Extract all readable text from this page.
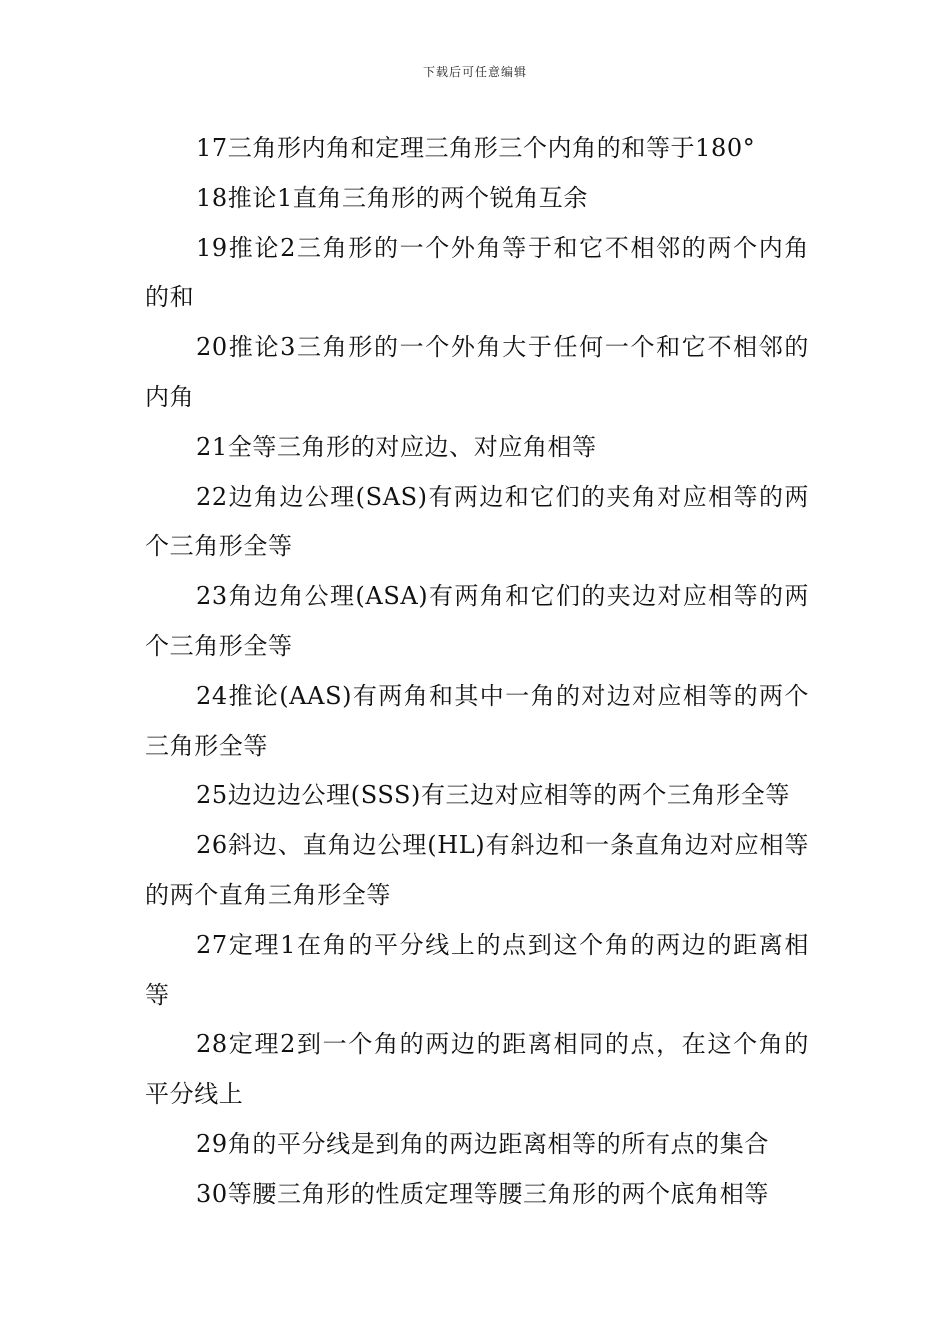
下载后可任意编辑

17三角形内角和定理三角形三个内角的和等于180°

18推论1直角三角形的两个锐角互余

19推论2三角形的一个外角等于和它不相邻的两个内角的和

20推论3三角形的一个外角大于任何一个和它不相邻的内角

21全等三角形的对应边、对应角相等

22边角边公理(SAS)有两边和它们的夹角对应相等的两个三角形全等

23角边角公理(ASA)有两角和它们的夹边对应相等的两个三角形全等

24推论(AAS)有两角和其中一角的对边对应相等的两个三角形全等

25边边边公理(SSS)有三边对应相等的两个三角形全等

26斜边、直角边公理(HL)有斜边和一条直角边对应相等的两个直角三角形全等

27定理1在角的平分线上的点到这个角的两边的距离相等

28定理2到一个角的两边的距离相同的点，在这个角的平分线上

29角的平分线是到角的两边距离相等的所有点的集合

30等腰三角形的性质定理等腰三角形的两个底角相等
